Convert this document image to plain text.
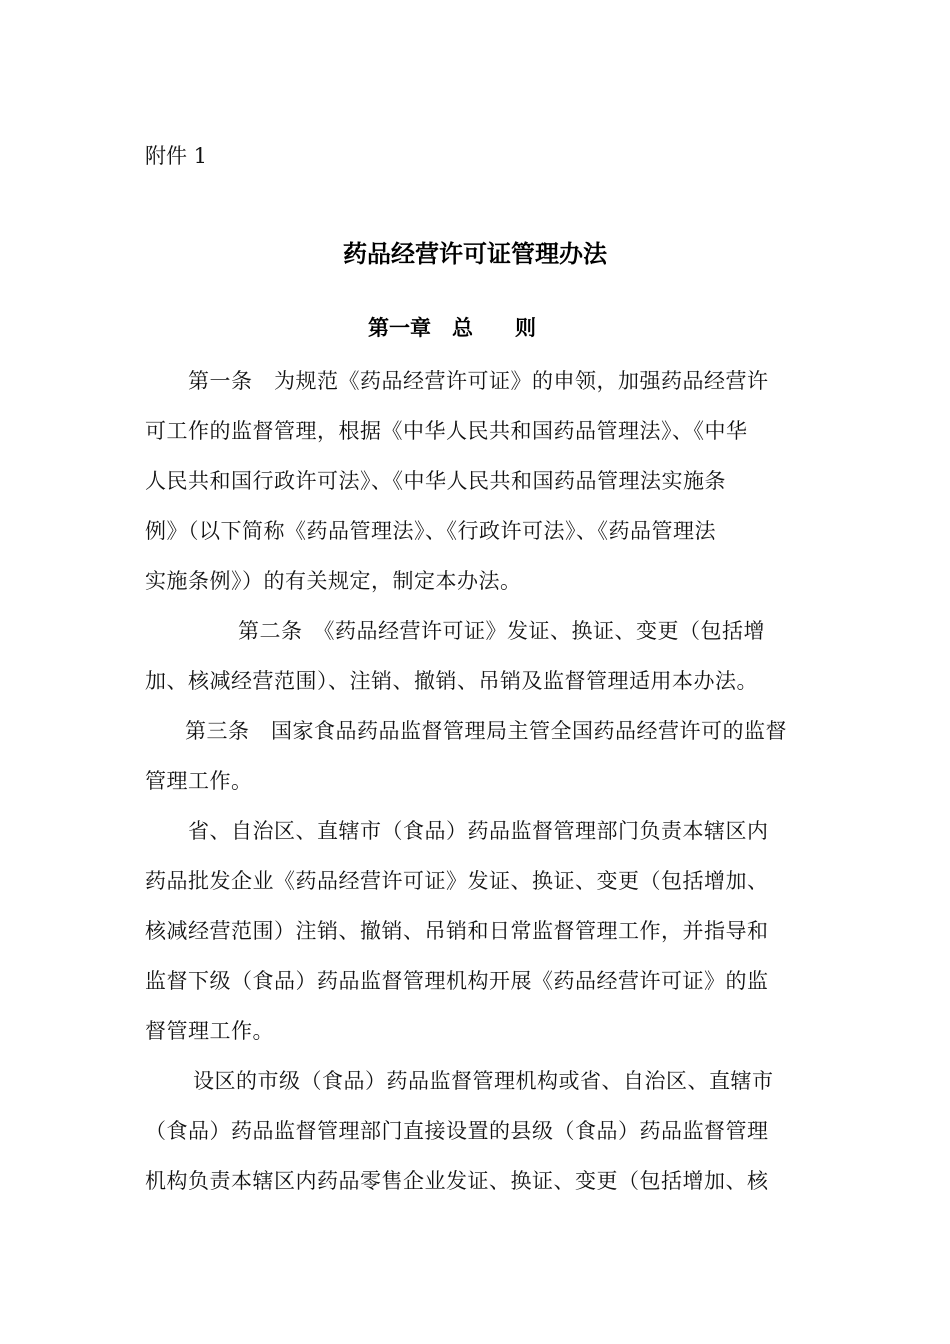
附件 1
药品经营许可证管理办法
第一章　总　　则
第一条　为规范《药品经营许可证》的申领，加强药品经营许
可工作的监督管理，根据《中华人民共和国药品管理法》、《中华
人民共和国行政许可法》、《中华人民共和国药品管理法实施条
例》（以下简称《药品管理法》、《行政许可法》、《药品管理法
实施条例》）的有关规定，制定本办法。
第二条　《药品经营许可证》发证、换证、变更（包括增
加、核减经营范围）、注销、撤销、吊销及监督管理适用本办法。
第三条　国家食品药品监督管理局主管全国药品经营许可的监督
管理工作。
省、自治区、直辖市（食品）药品监督管理部门负责本辖区内
药品批发企业《药品经营许可证》发证、换证、变更（包括增加、
核减经营范围）注销、撤销、吊销和日常监督管理工作，并指导和
监督下级（食品）药品监督管理机构开展《药品经营许可证》的监
督管理工作。
设区的市级（食品）药品监督管理机构或省、自治区、直辖市
（食品）药品监督管理部门直接设置的县级（食品）药品监督管理
机构负责本辖区内药品零售企业发证、换证、变更（包括增加、核
